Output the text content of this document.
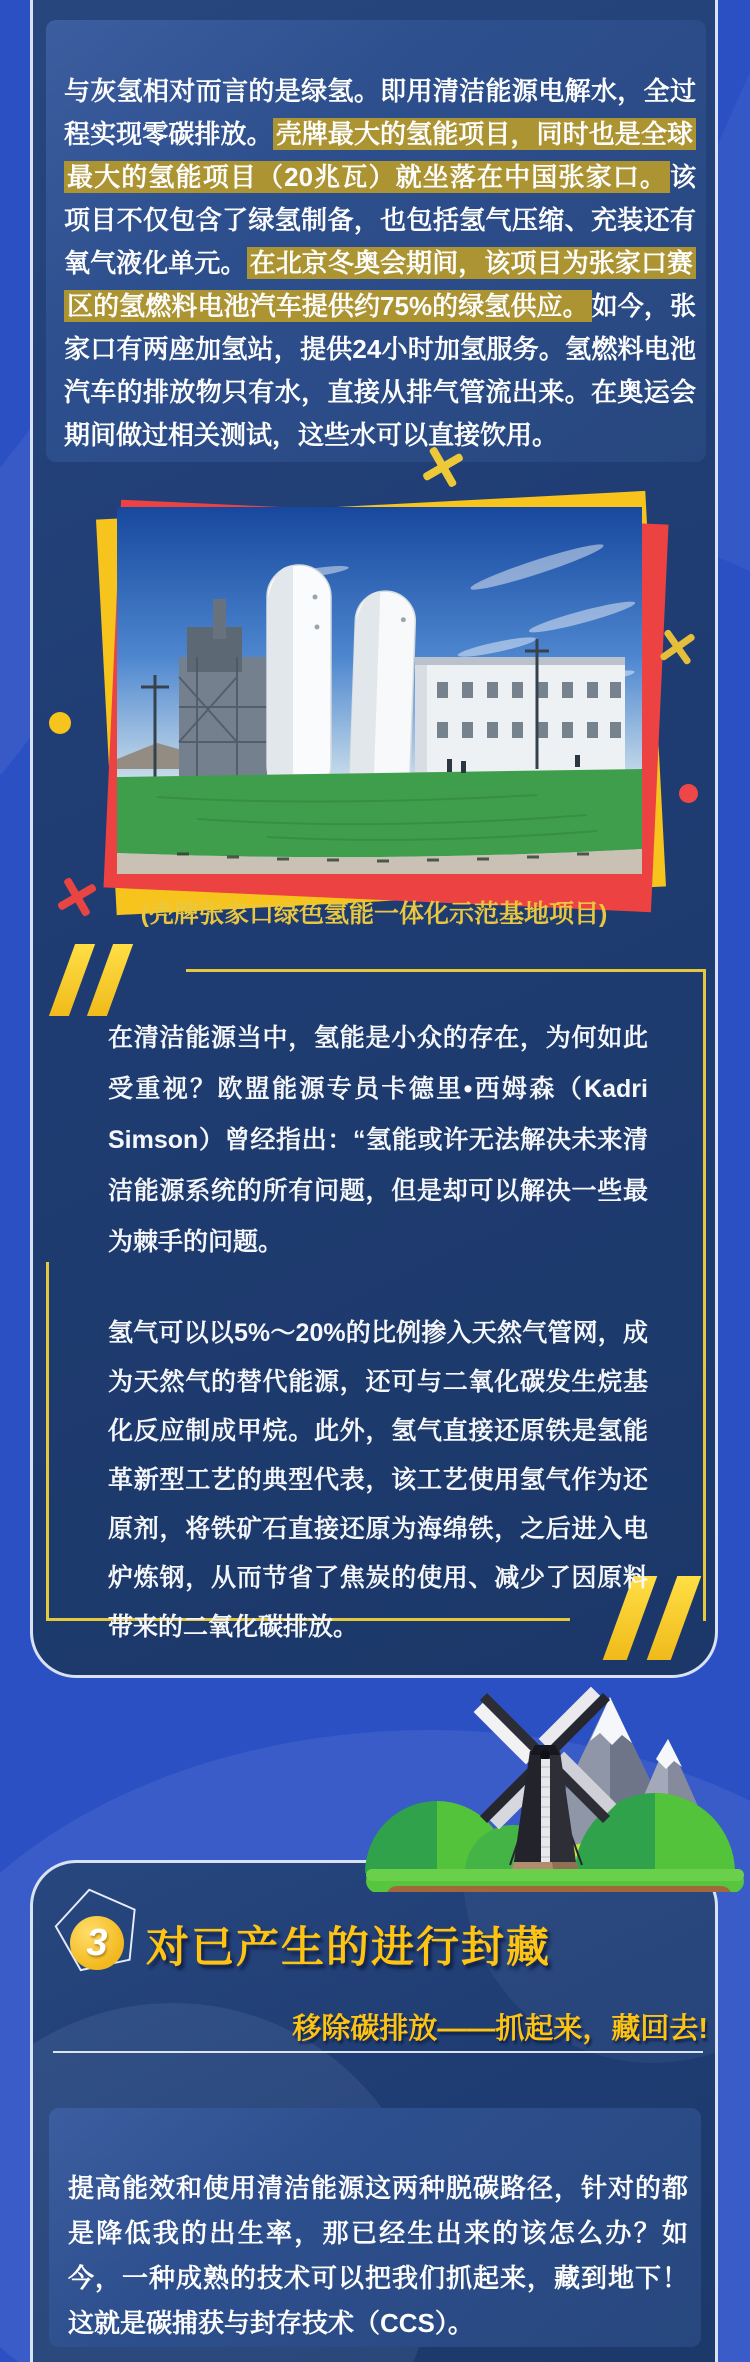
与灰氢相对而言的是绿氢。即用清洁能源电解水，全过程实现零碳排放。 壳牌最大的氢能项目，同时也是全球最大的氢能项目（20兆瓦）就坐落在中国张家口。 该项目不仅包含了绿氢制备，也包括氢气压缩、充装还有氧气液化单元。 在北京冬奥会期间，该项目为张家口赛区的氢燃料电池汽车提供约75%的绿氢供应。 如今，张家口有两座加氢站，提供24小时加氢服务。氢燃料电池汽车的排放物只有水，直接从排气管流出来。在奥运会期间做过相关测试，这些水可以直接饮用。

(壳牌张家口绿色氢能一体化示范基地项目)

在清洁能源当中，氢能是小众的存在，为何如此受重视？欧盟能源专员卡德里•西姆森（Kadri Simson）曾经指出：“氢能或许无法解决未来清洁能源系统的所有问题，但是却可以解决一些最为棘手的问题。

氢气可以以5%～20%的比例掺入天然气管网，成为天然气的替代能源，还可与二氧化碳发生烷基化反应制成甲烷。此外，氢气直接还原铁是氢能革新型工艺的典型代表，该工艺使用氢气作为还原剂，将铁矿石直接还原为海绵铁，之后进入电炉炼钢，从而节省了焦炭的使用、减少了因原料带来的二氧化碳排放。

3 对已产生的进行封藏
移除碳排放——抓起来，藏回去!

提高能效和使用清洁能源这两种脱碳路径，针对的都是降低我的出生率，那已经生出来的该怎么办？如今，一种成熟的技术可以把我们抓起来，藏到地下！这就是碳捕获与封存技术（CCS）。
